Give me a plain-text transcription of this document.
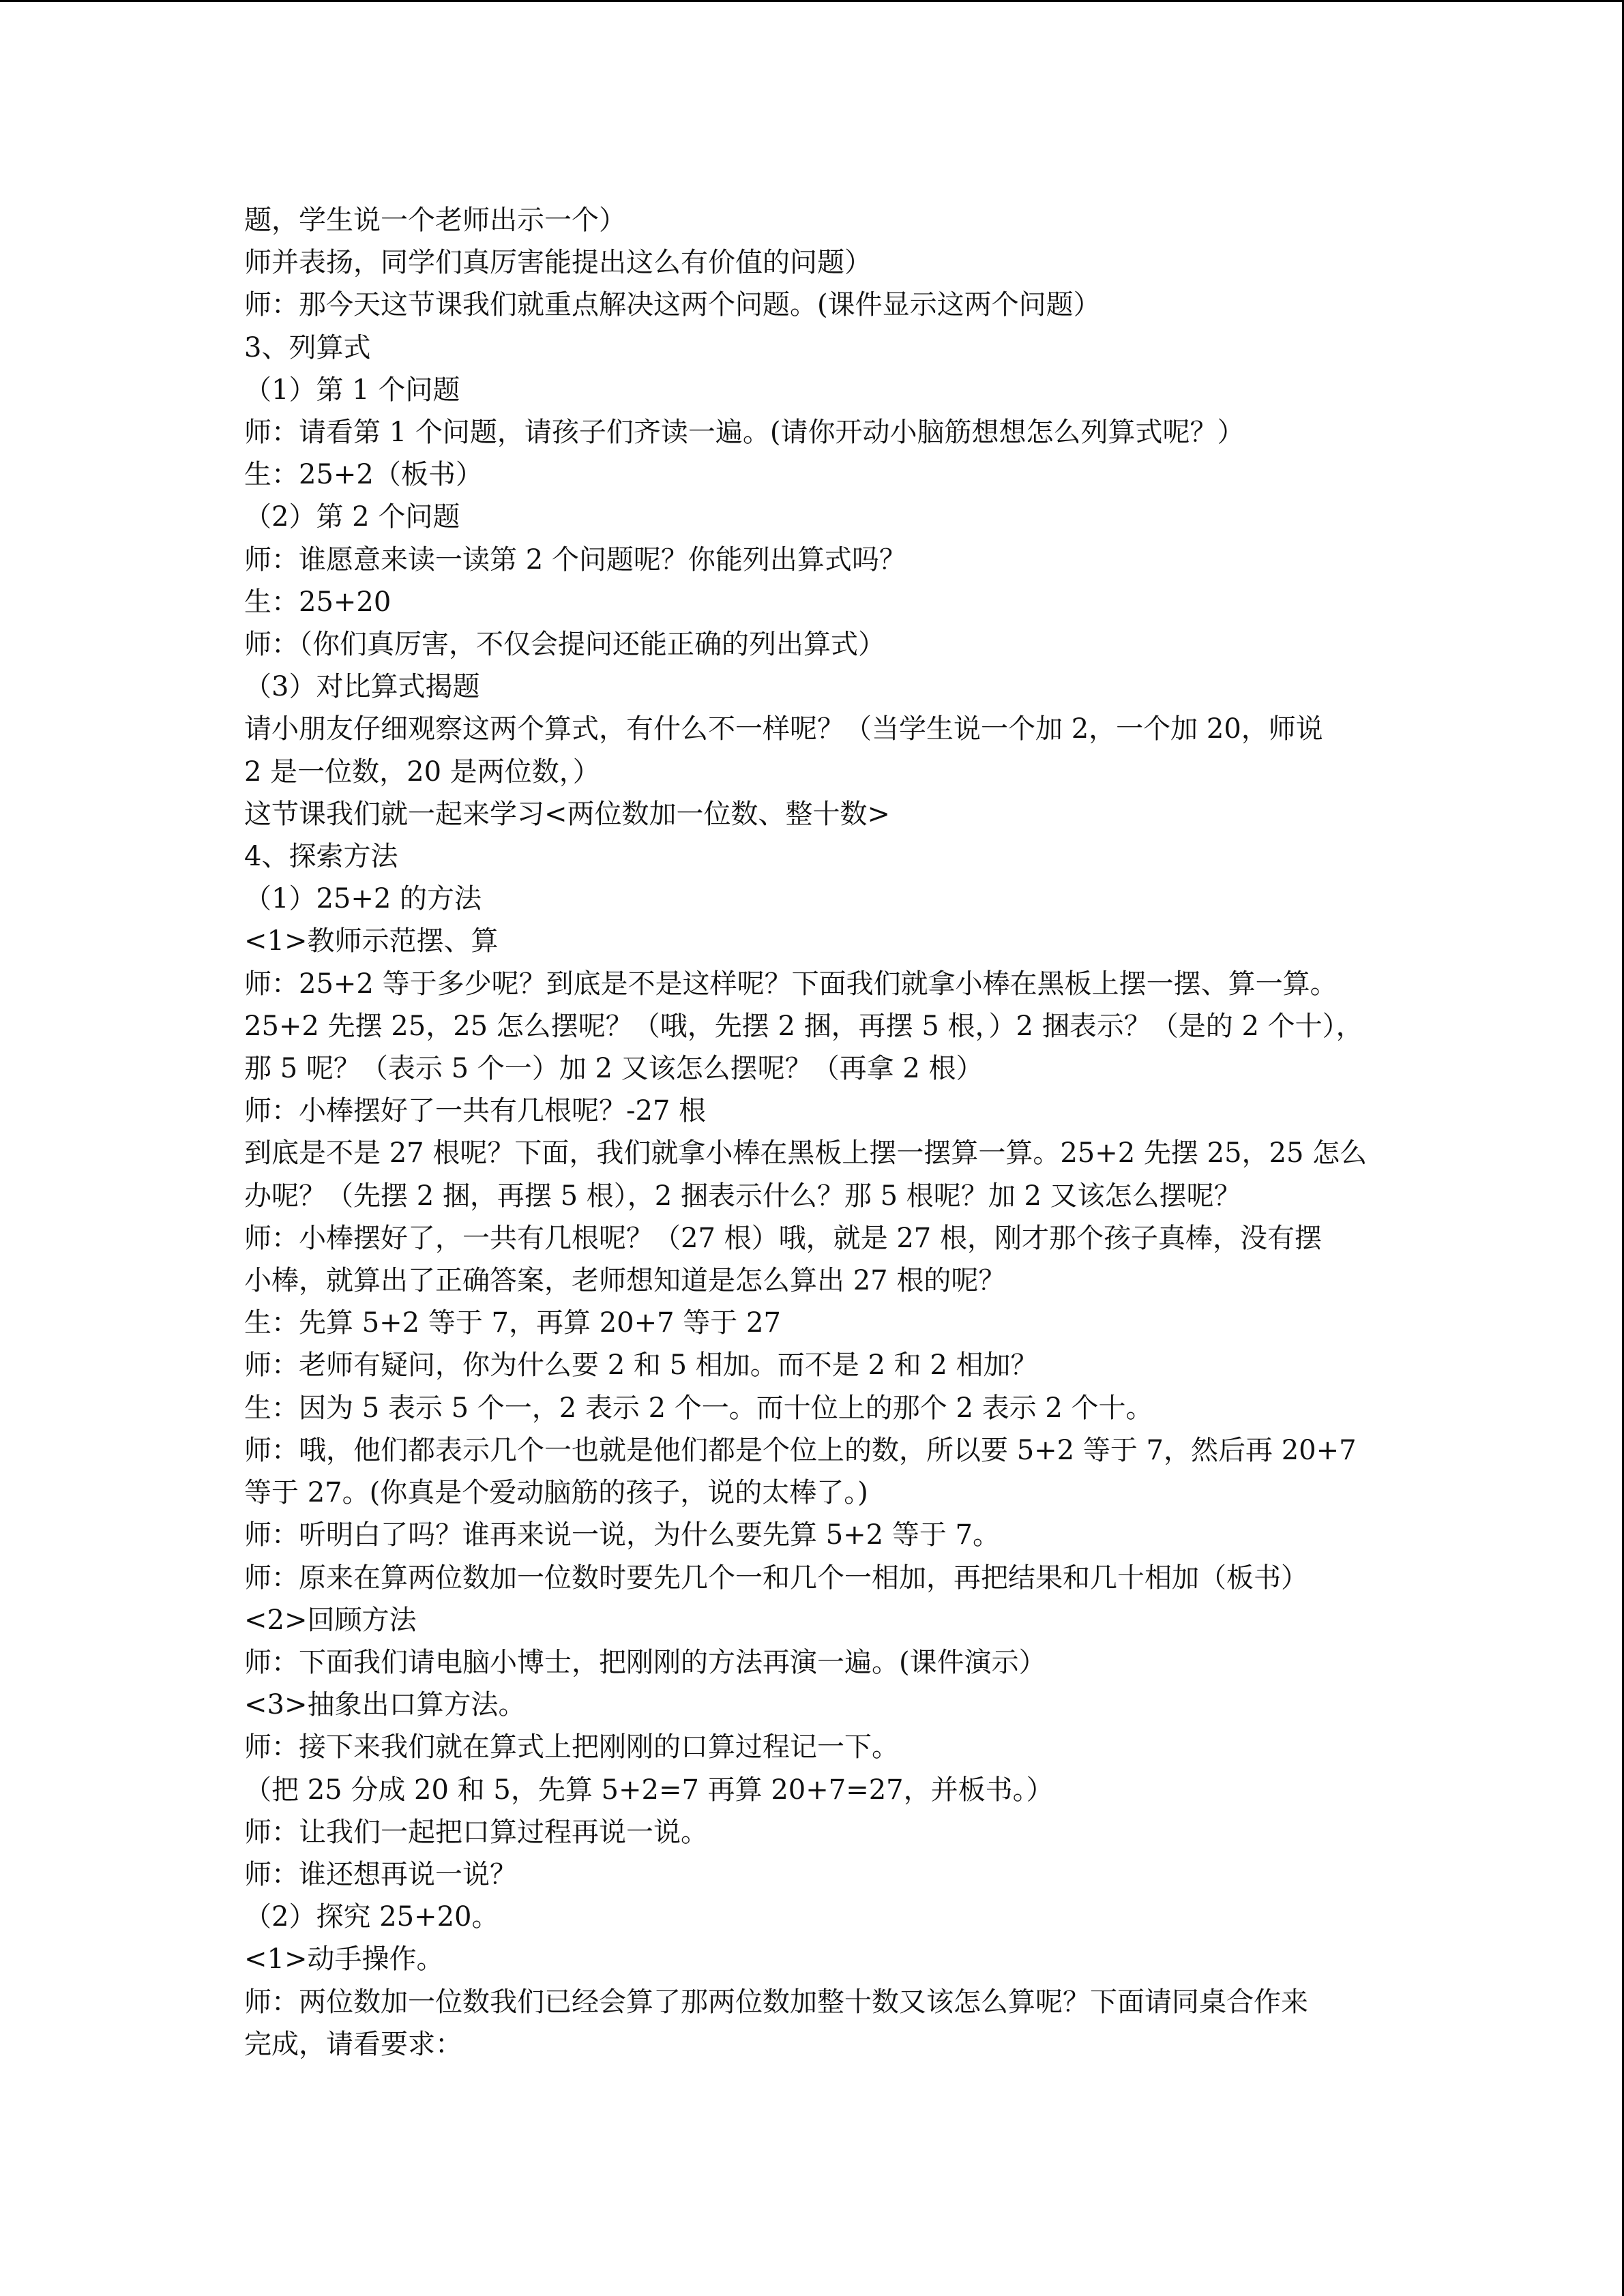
题，学生说一个老师出示一个）

师并表扬，同学们真厉害能提出这么有价值的问题）

师：那今天这节课我们就重点解决这两个问题。(课件显示这两个问题）

3、列算式

（1）第 1 个问题

师：请看第 1 个问题，请孩子们齐读一遍。(请你开动小脑筋想想怎么列算式呢？）

生：25+2（板书）

（2）第 2 个问题

师：谁愿意来读一读第 2 个问题呢？你能列出算式吗？

生：25+20

师：（你们真厉害，不仅会提问还能正确的列出算式）

（3）对比算式揭题

请小朋友仔细观察这两个算式，有什么不一样呢？（当学生说一个加 2，一个加 20，师说

2 是一位数，20 是两位数，）

这节课我们就一起来学习<两位数加一位数、整十数>

4、探索方法

（1）25+2 的方法

<1>教师示范摆、算

师：25+2 等于多少呢？到底是不是这样呢？下面我们就拿小棒在黑板上摆一摆、算一算。

25+2 先摆 25，25 怎么摆呢？（哦，先摆 2 捆，再摆 5 根，）2 捆表示？（是的 2 个十），

那 5 呢？（表示 5 个一）加 2 又该怎么摆呢？（再拿 2 根）

师：小棒摆好了一共有几根呢？-27 根

到底是不是 27 根呢？下面，我们就拿小棒在黑板上摆一摆算一算。25+2 先摆 25，25 怎么

办呢？（先摆 2 捆，再摆 5 根），2 捆表示什么？那 5 根呢？加 2 又该怎么摆呢？

师：小棒摆好了，一共有几根呢？（27 根）哦，就是 27 根，刚才那个孩子真棒，没有摆

小棒，就算出了正确答案，老师想知道是怎么算出 27 根的呢？

生：先算 5+2 等于 7，再算 20+7 等于 27

师：老师有疑问，你为什么要 2 和 5 相加。而不是 2 和 2 相加？

生：因为 5 表示 5 个一，2 表示 2 个一。而十位上的那个 2 表示 2 个十。

师：哦，他们都表示几个一也就是他们都是个位上的数，所以要 5+2 等于 7，然后再 20+7

等于 27。(你真是个爱动脑筋的孩子，说的太棒了。)

师：听明白了吗？谁再来说一说，为什么要先算 5+2 等于 7。

师：原来在算两位数加一位数时要先几个一和几个一相加，再把结果和几十相加（板书）

<2>回顾方法

师：下面我们请电脑小博士，把刚刚的方法再演一遍。(课件演示）

<3>抽象出口算方法。

师：接下来我们就在算式上把刚刚的口算过程记一下。

（把 25 分成 20 和 5，先算 5+2=7 再算 20+7=27，并板书。）

师：让我们一起把口算过程再说一说。

师：谁还想再说一说？

（2）探究 25+20。

<1>动手操作。

师：两位数加一位数我们已经会算了那两位数加整十数又该怎么算呢？下面请同桌合作来

完成，请看要求：
